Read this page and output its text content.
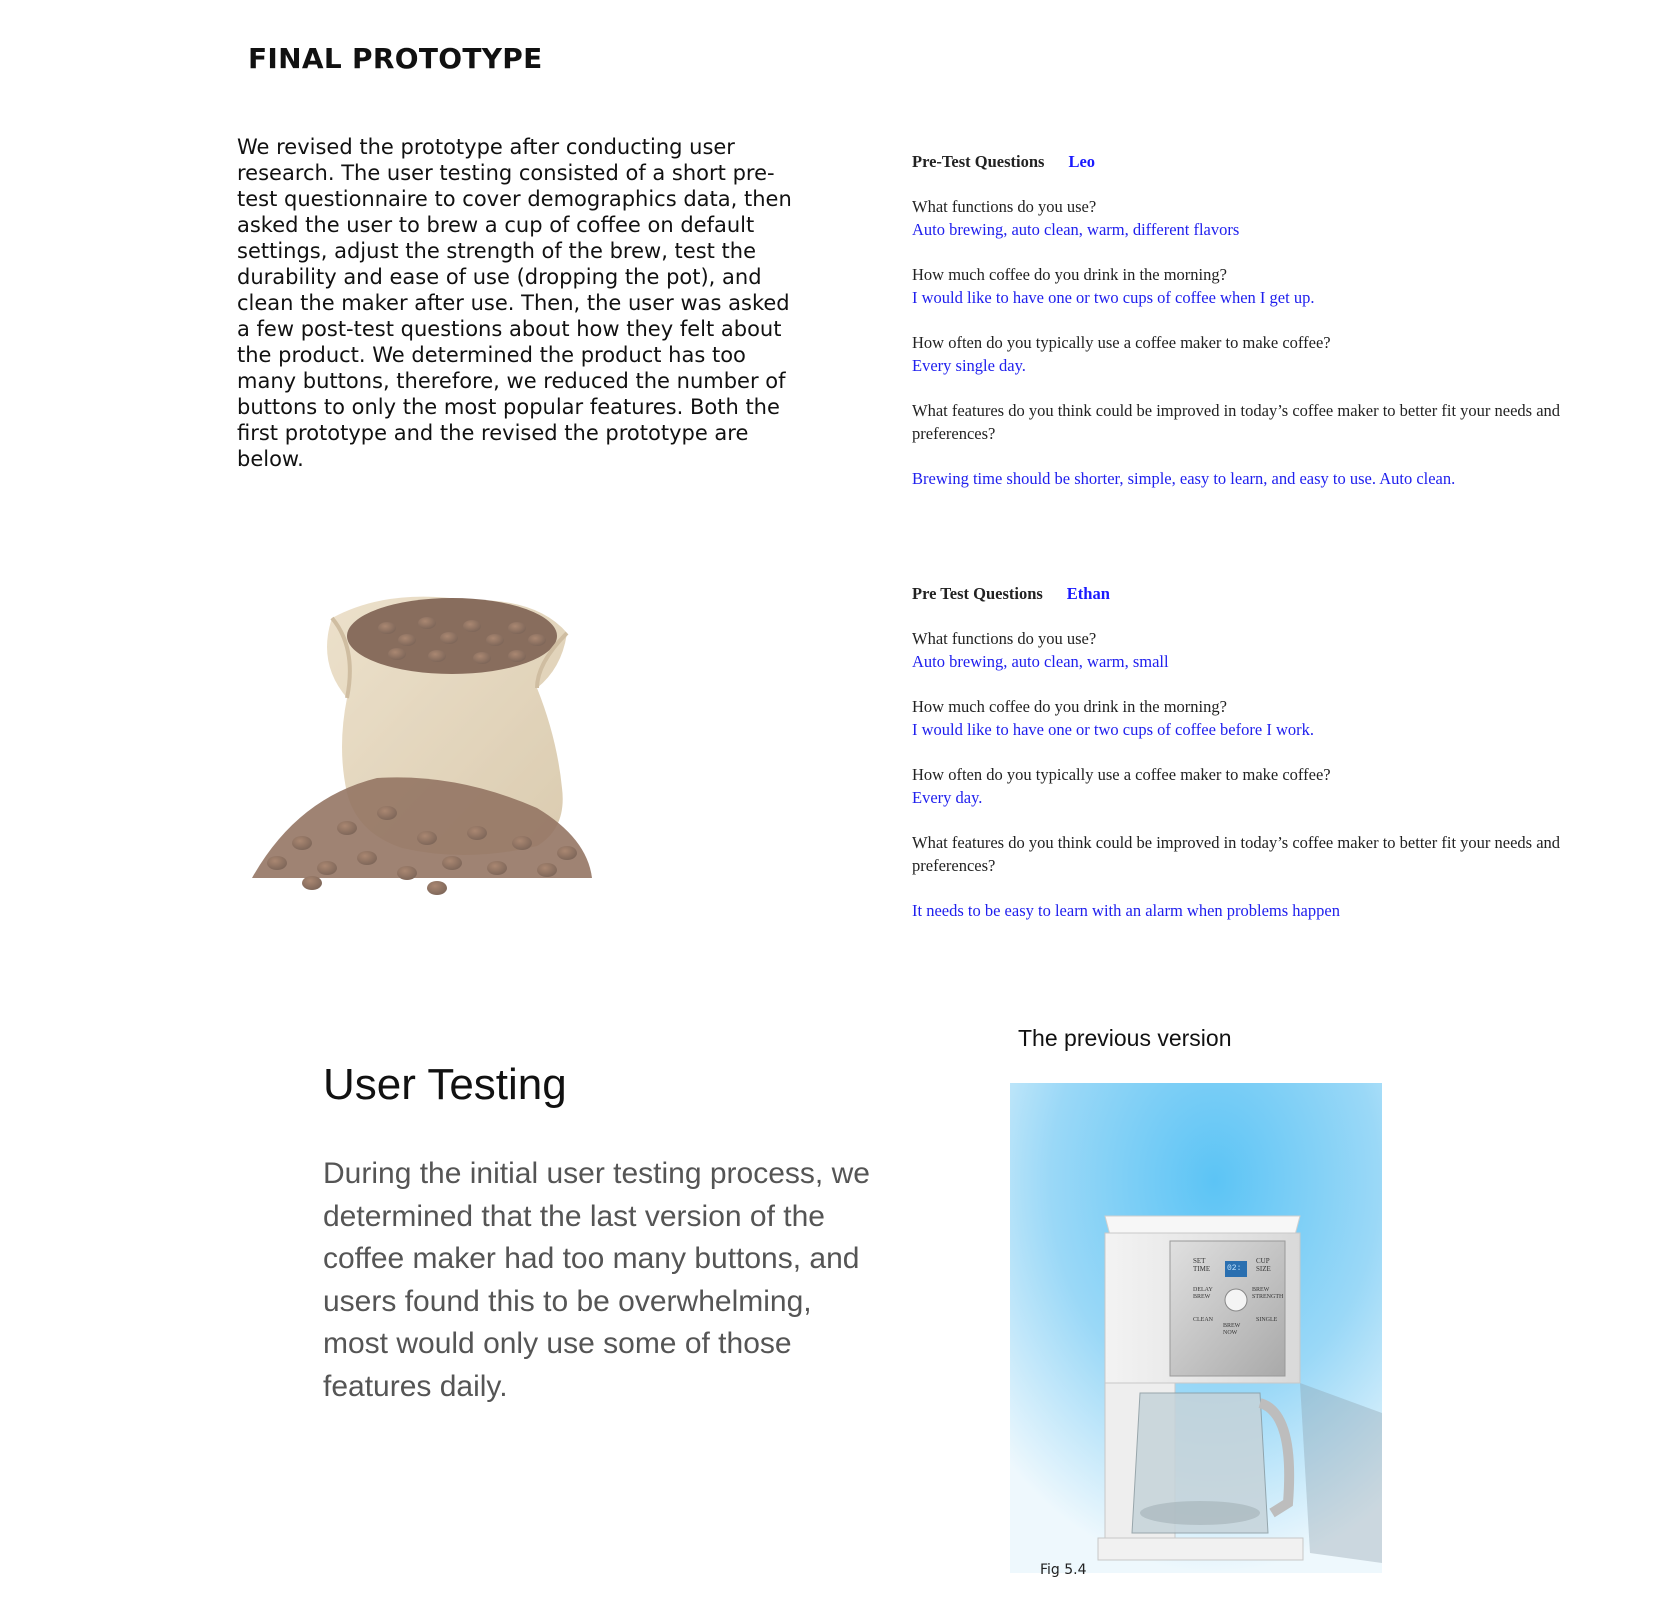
FINAL PROTOTYPE

We revised the prototype after conducting user research. The user testing consisted of a short pre-test questionnaire to cover demographics data, then asked the user to brew a cup of coffee on default settings, adjust the strength of the brew, test the durability and ease of use (dropping the pot), and clean the maker after use. Then, the user was asked a few post-test questions about how they felt about the product. We determined the product has too many buttons, therefore, we reduced the number of buttons to only the most popular features. Both the first prototype and the revised the prototype are below.

Pre-Test Questions Leo

What functions do you use?

Auto brewing, auto clean, warm, different flavors

How much coffee do you drink in the morning?

I would like to have one or two cups of coffee when I get up.

How often do you typically use a coffee maker to make coffee?

Every single day.

What features do you think could be improved in today’s coffee maker to better fit your needs and

preferences?

Brewing time should be shorter, simple, easy to learn, and easy to use. Auto clean.

Pre Test Questions Ethan

What functions do you use?

Auto brewing, auto clean, warm, small

How much coffee do you drink in the morning?

I would like to have one or two cups of coffee before I work.

How often do you typically use a coffee maker to make coffee?

Every day.

What features do you think could be improved in today’s coffee maker to better fit your needs and

preferences?

It needs to be easy to learn with an alarm when problems happen

User Testing

During the initial user testing process, we determined that the last version of the coffee maker had too many buttons, and users found this to be overwhelming, most would only use some of those features daily.

The previous version
SET TIME	02:
CUP SIZE
DELAY BREW
BREW STRENGTH
CLEAN
BREW NOW
SINGLE
Fig 5.4
